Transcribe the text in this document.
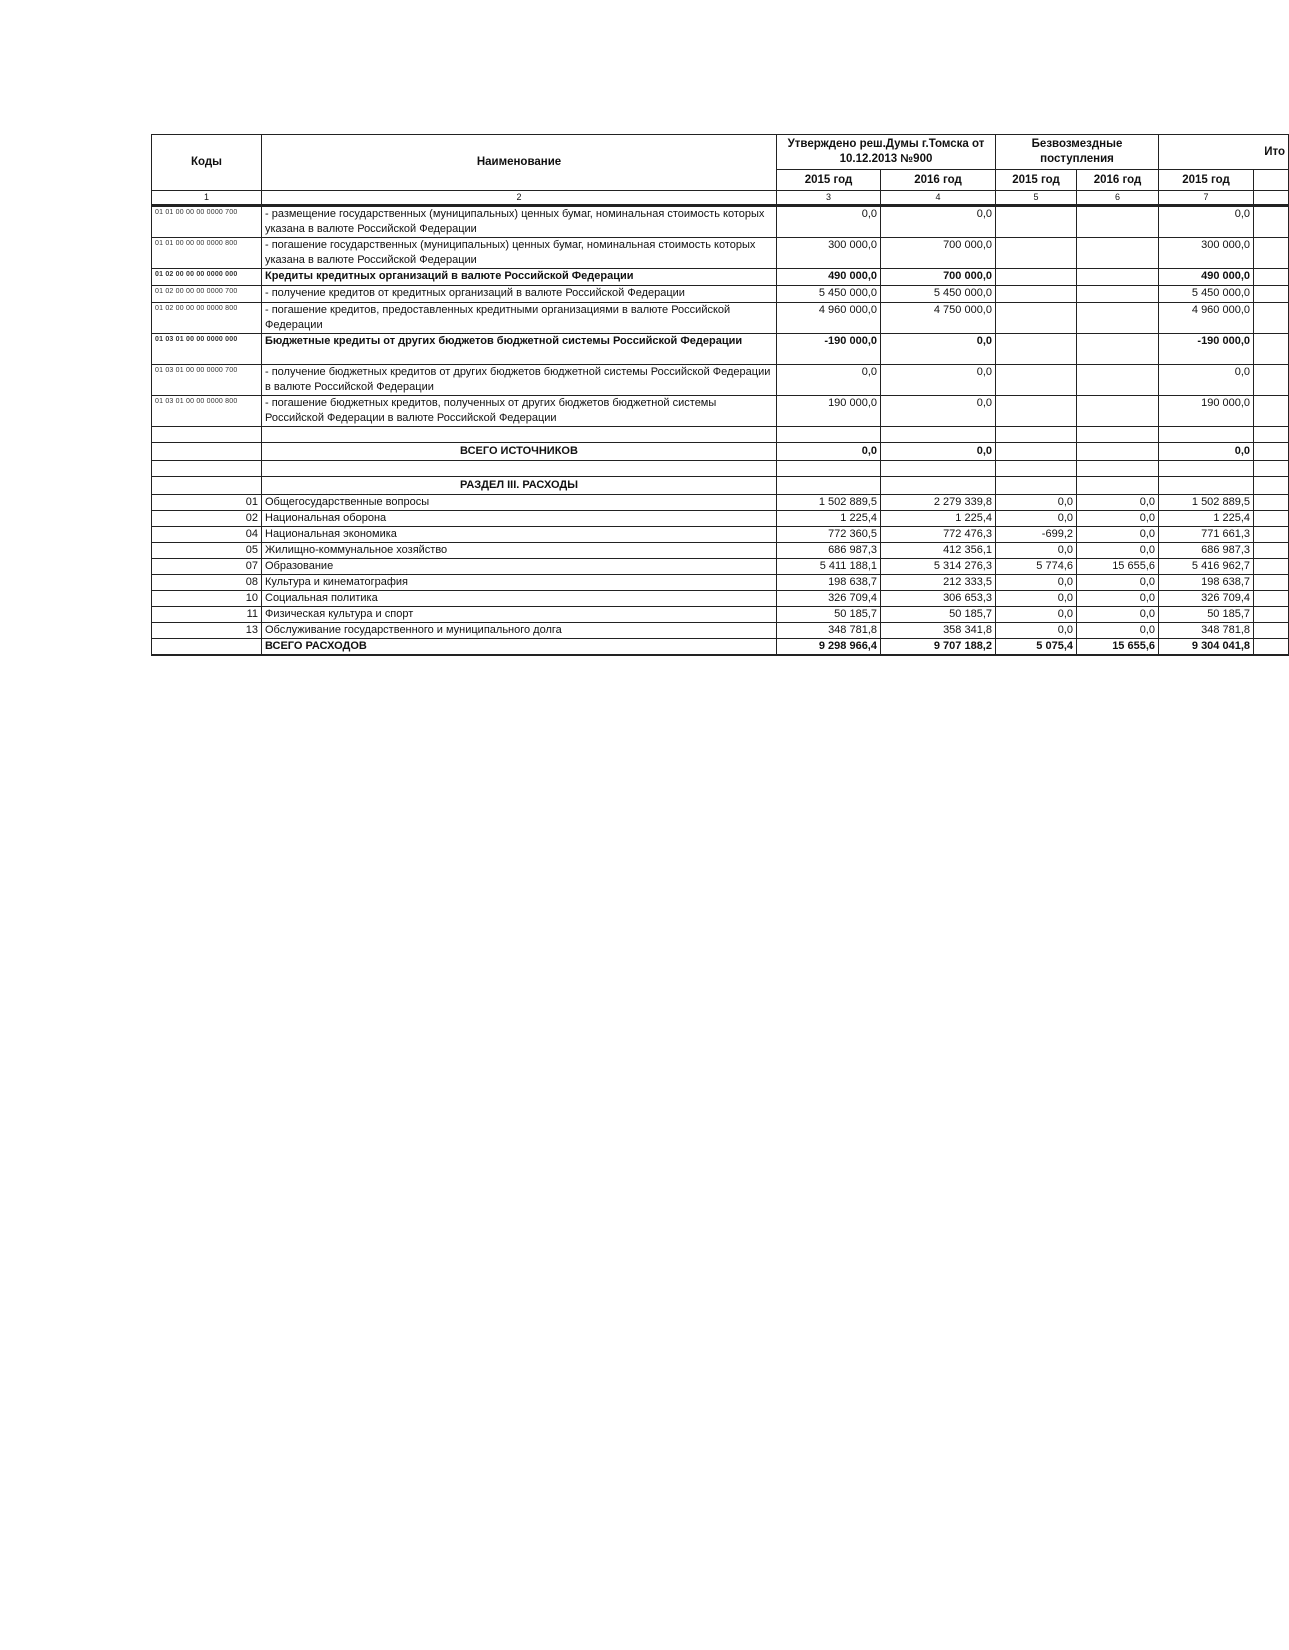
Коды	Наименование	Утверждено реш.Думы г.Томска от 10.12.2013 №900		Безвозмездные поступления		Ито	
		2015 год	2016 год	2015 год	2016 год	2015 год	
1	2	3	4	5	6	7	
01 01 00 00 00 0000 700	- размещение государственных (муниципальных) ценных бумаг, номинальная стоимость которых указана в валюте Российской Федерации	0,0	0,0			0,0	
01 01 00 00 00 0000 800	- погашение государственных (муниципальных) ценных бумаг, номинальная стоимость которых указана в валюте Российской Федерации	300 000,0	700 000,0			300 000,0	
01 02 00 00 00 0000 000	Кредиты кредитных организаций в валюте Российской Федерации	490 000,0	700 000,0			490 000,0	
01 02 00 00 00 0000 700	- получение кредитов от кредитных организаций в валюте Российской Федерации	5 450 000,0	5 450 000,0			5 450 000,0	
01 02 00 00 00 0000 800	- погашение кредитов, предоставленных кредитными организациями в валюте Российской Федерации	4 960 000,0	4 750 000,0			4 960 000,0	
01 03 01 00 00 0000 000	Бюджетные кредиты от других бюджетов бюджетной системы Российской Федерации	-190 000,0	0,0			-190 000,0	
01 03 01 00 00 0000 700	- получение бюджетных кредитов от других бюджетов бюджетной системы Российской Федерации в валюте Российской Федерации	0,0	0,0			0,0	
01 03 01 00 00 0000 800	- погашение бюджетных кредитов, полученных от других бюджетов бюджетной системы Российской Федерации в валюте Российской Федерации	190 000,0	0,0			190 000,0	

	ВСЕГО ИСТОЧНИКОВ	0,0	0,0			0,0	

	РАЗДЕЛ III. РАСХОДЫ						
01	Общегосударственные вопросы	1 502 889,5	2 279 339,8	0,0	0,0	1 502 889,5	
02	Национальная оборона	1 225,4	1 225,4	0,0	0,0	1 225,4	
04	Национальная экономика	772 360,5	772 476,3	-699,2	0,0	771 661,3	
05	Жилищно-коммунальное хозяйство	686 987,3	412 356,1	0,0	0,0	686 987,3	
07	Образование	5 411 188,1	5 314 276,3	5 774,6	15 655,6	5 416 962,7	
08	Культура и кинематография	198 638,7	212 333,5	0,0	0,0	198 638,7	
10	Социальная политика	326 709,4	306 653,3	0,0	0,0	326 709,4	
11	Физическая культура и спорт	50 185,7	50 185,7	0,0	0,0	50 185,7	
13	Обслуживание государственного и муниципального долга	348 781,8	358 341,8	0,0	0,0	348 781,8	
	ВСЕГО РАСХОДОВ	9 298 966,4	9 707 188,2	5 075,4	15 655,6	9 304 041,8	
